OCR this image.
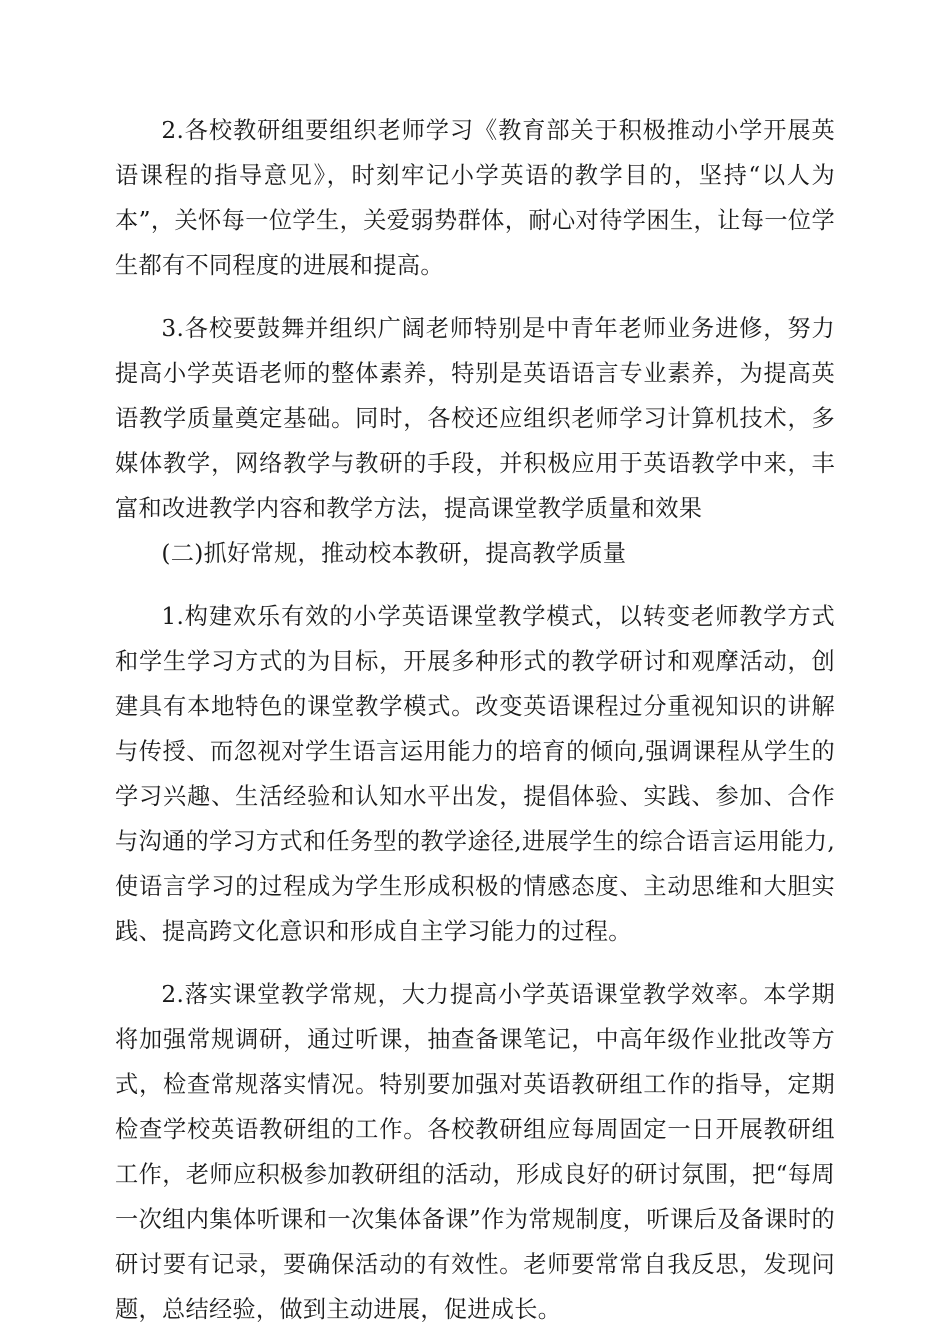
2.各校教研组要组织老师学习《教育部关于积极推动小学开展英语课程的指导意见》，时刻牢记小学英语的教学目的，坚持“以人为本”，关怀每一位学生，关爱弱势群体，耐心对待学困生，让每一位学生都有不同程度的进展和提高。

3.各校要鼓舞并组织广阔老师特别是中青年老师业务进修，努力提高小学英语老师的整体素养，特别是英语语言专业素养，为提高英语教学质量奠定基础。同时，各校还应组织老师学习计算机技术，多媒体教学，网络教学与教研的手段，并积极应用于英语教学中来，丰富和改进教学内容和教学方法，提高课堂教学质量和效果

(二)抓好常规，推动校本教研，提高教学质量

1.构建欢乐有效的小学英语课堂教学模式，以转变老师教学方式和学生学习方式的为目标，开展多种形式的教学研讨和观摩活动，创建具有本地特色的课堂教学模式。改变英语课程过分重视知识的讲解与传授、而忽视对学生语言运用能力的培育的倾向,强调课程从学生的学习兴趣、生活经验和认知水平出发，提倡体验、实践、参加、合作与沟通的学习方式和任务型的教学途径,进展学生的综合语言运用能力,使语言学习的过程成为学生形成积极的情感态度、主动思维和大胆实践、提高跨文化意识和形成自主学习能力的过程。

2.落实课堂教学常规，大力提高小学英语课堂教学效率。本学期将加强常规调研，通过听课，抽查备课笔记，中高年级作业批改等方式，检查常规落实情况。特别要加强对英语教研组工作的指导，定期检查学校英语教研组的工作。各校教研组应每周固定一日开展教研组工作，老师应积极参加教研组的活动，形成良好的研讨氛围，把“每周一次组内集体听课和一次集体备课”作为常规制度，听课后及备课时的研讨要有记录，要确保活动的有效性。老师要常常自我反思，发现问题，总结经验，做到主动进展，促进成长。
